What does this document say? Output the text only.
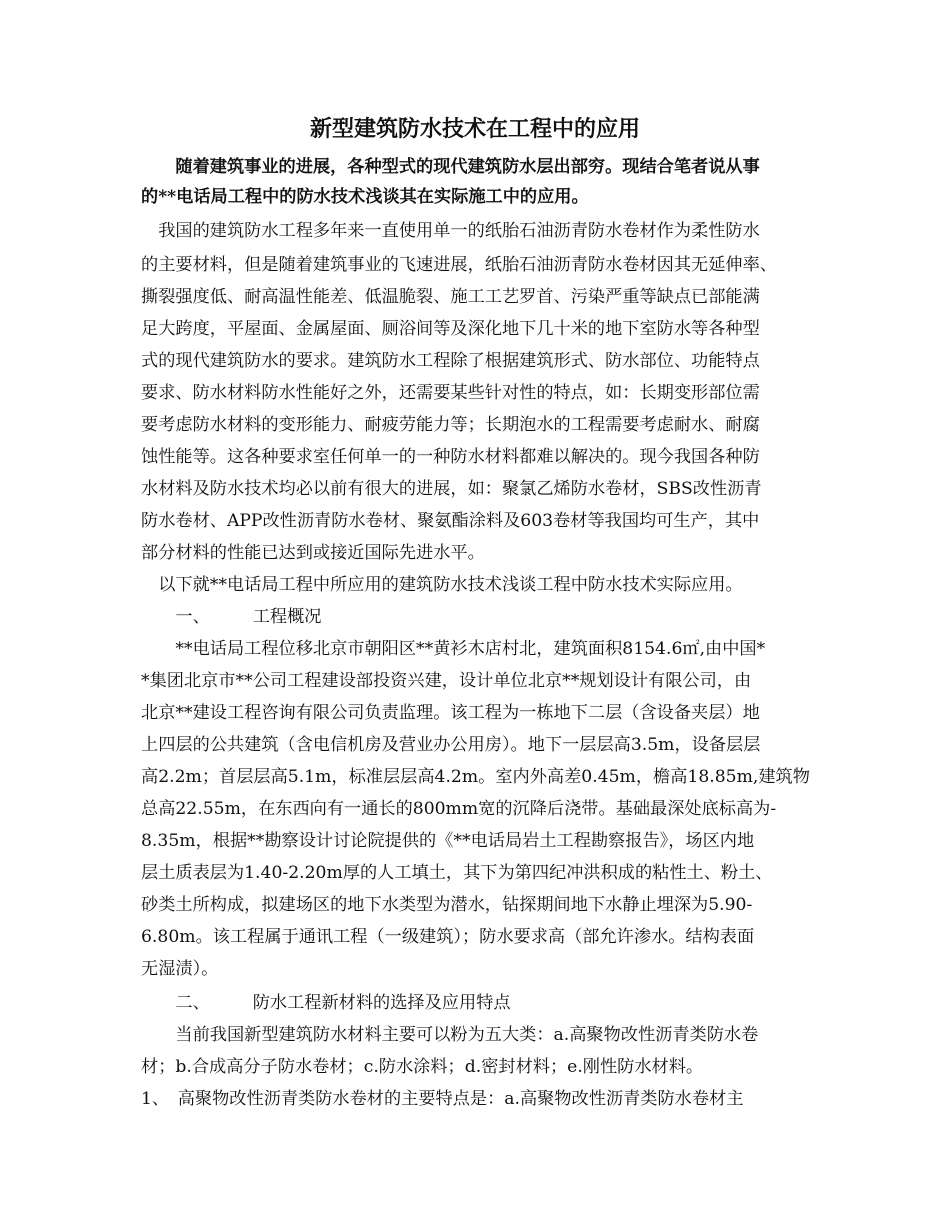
新型建筑防水技术在工程中的应用

　　随着建筑事业的进展，各种型式的现代建筑防水层出部穷。现结合笔者说从事

的**电话局工程中的防水技术浅谈其在实际施工中的应用。

　我国的建筑防水工程多年来一直使用单一的纸胎石油沥青防水卷材作为柔性防水

的主要材料，但是随着建筑事业的飞速进展，纸胎石油沥青防水卷材因其无延伸率、

撕裂强度低、耐高温性能差、低温脆裂、施工工艺罗首、污染严重等缺点已部能满

足大跨度，平屋面、金属屋面、厕浴间等及深化地下几十米的地下室防水等各种型

式的现代建筑防水的要求。建筑防水工程除了根据建筑形式、防水部位、功能特点

要求、防水材料防水性能好之外，还需要某些针对性的特点，如：长期变形部位需

要考虑防水材料的变形能力、耐疲劳能力等；长期泡水的工程需要考虑耐水、耐腐

蚀性能等。这各种要求室任何单一的一种防水材料都难以解决的。现今我国各种防

水材料及防水技术均必以前有很大的进展，如：聚氯乙烯防水卷材，SBS改性沥青

防水卷材、APP改性沥青防水卷材、聚氨酯涂料及603卷材等我国均可生产，其中

部分材料的性能已达到或接近国际先进水平。

　以下就**电话局工程中所应用的建筑防水技术浅谈工程中防水技术实际应用。

　　一、　　　工程概况

　　**电话局工程位移北京市朝阳区**黄衫木店村北，建筑面积8154.6㎡,由中国*

*集团北京市**公司工程建设部投资兴建，设计单位北京**规划设计有限公司，由

北京**建设工程咨询有限公司负责监理。该工程为一栋地下二层（含设备夹层）地

上四层的公共建筑（含电信机房及营业办公用房）。地下一层层高3.5m，设备层层

高2.2m；首层层高5.1m，标准层层高4.2m。室内外高差0.45m，檐高18.85m,建筑物

总高22.55m，在东西向有一通长的800mm宽的沉降后浇带。基础最深处底标高为-

8.35m，根据**勘察设计讨论院提供的《**电话局岩土工程勘察报告》，场区内地

层土质表层为1.40-2.20m厚的人工填土，其下为第四纪冲洪积成的粘性土、粉土、

砂类土所构成，拟建场区的地下水类型为潜水，钻探期间地下水静止埋深为5.90-

6.80m。该工程属于通讯工程（一级建筑）；防水要求高（部允许渗水。结构表面

无湿渍）。

　　二、　　　防水工程新材料的选择及应用特点

　　当前我国新型建筑防水材料主要可以粉为五大类：a.高聚物改性沥青类防水卷

材；b.合成高分子防水卷材；c.防水涂料；d.密封材料；e.刚性防水材料。

1、　高聚物改性沥青类防水卷材的主要特点是：a.高聚物改性沥青类防水卷材主
